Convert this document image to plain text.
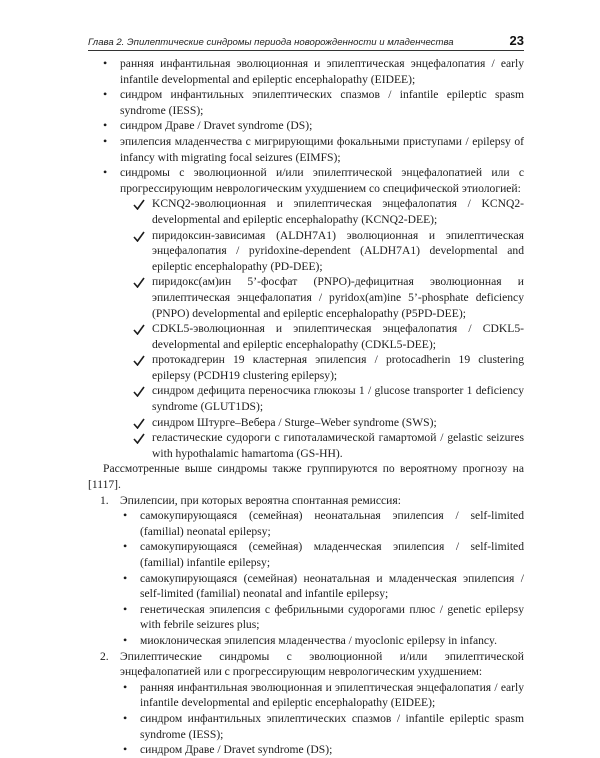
Глава 2. Эпилептические синдромы периода новорожденности и младенчества	23
• ранняя инфантильная эволюционная и эпилептическая энцефалопатия / early infantile developmental and epileptic encephalopathy (EIDEE);
• синдром инфантильных эпилептических спазмов / infantile epileptic spasm syndrome (IESS);
• синдром Драве / Dravet syndrome (DS);
• эпилепсия младенчества с мигрирующими фокальными приступами / epilepsy of infancy with migrating focal seizures (EIMFS);
• синдромы с эволюционной и/или эпилептической энцефалопатией или с прогрессирующим неврологическим ухудшением со специфической этиологией:
KCNQ2-эволюционная и эпилептическая энцефалопатия / KCNQ2-developmental and epileptic encephalopathy (KCNQ2-DEE);
пиридоксин-зависимая (ALDH7A1) эволюционная и эпилептическая энцефалопатия / pyridoxine-dependent (ALDH7A1) developmental and epileptic encephalopathy (PD-DEE);
пиридокс(ам)ин 5’-фосфат (PNPO)-дефицитная эволюционная и эпилептическая энцефалопатия / pyridox(am)ine 5’-phosphate deficiency (PNPO) developmental and epileptic encephalopathy (P5PD-DEE);
CDKL5-эволюционная и эпилептическая энцефалопатия / CDKL5-developmental and epileptic encephalopathy (CDKL5-DEE);
протокадгерин 19 кластерная эпилепсия / protocadherin 19 clustering epilepsy (PCDH19 clustering epilepsy);
синдром дефицита переносчика глюкозы 1 / glucose transporter 1 deficiency syndrome (GLUT1DS);
синдром Штурге–Вебера / Sturge–Weber syndrome (SWS);
геластические судороги с гипоталамической гамартомой / gelastic seizures with hypothalamic hamartoma (GS-HH).

Рассмотренные выше синдромы также группируются по вероятному прогнозу на [1117].

1. Эпилепсии, при которых вероятна спонтанная ремиссия:
• самокупирующаяся (семейная) неонатальная эпилепсия / self-limited (familial) neonatal epilepsy;
• самокупирующаяся (семейная) младенческая эпилепсия / self-limited (familial) infantile epilepsy;
• самокупирующаяся (семейная) неонатальная и младенческая эпилепсия / self-limited (familial) neonatal and infantile epilepsy;
• генетическая эпилепсия с фебрильными судорогами плюс / genetic epilepsy with febrile seizures plus;
• миоклоническая эпилепсия младенчества / myoclonic epilepsy in infancy.
2. Эпилептические синдромы с эволюционной и/или эпилептической энцефалопатией или с прогрессирующим неврологическим ухудшением:
• ранняя инфантильная эволюционная и эпилептическая энцефалопатия / early infantile developmental and epileptic encephalopathy (EIDEE);
• синдром инфантильных эпилептических спазмов / infantile epileptic spasm syndrome (IESS);
• синдром Драве / Dravet syndrome (DS);
